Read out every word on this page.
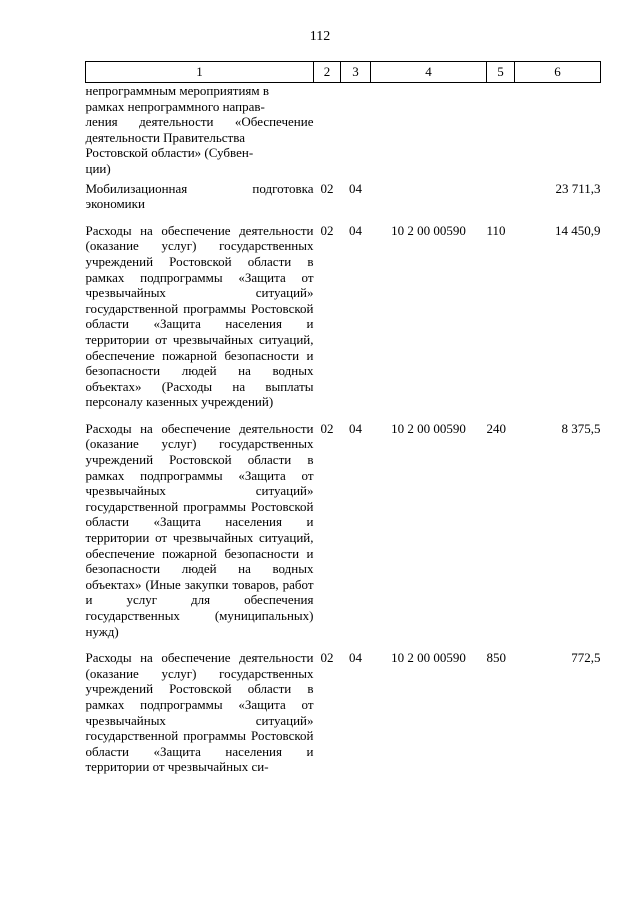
112
1	2	3	4	5	6

непрограммным мероприятиям в
рамках непрограммного направ-
ления деятельности «Обеспечение деятельности Правительства
Ростовской области» (Субвен-
ции)					

Мобилизационная подготовка экономики	02	04			23 711,3

Расходы на обеспечение деятельности (оказание услуг) государственных учреждений Ростовской области в рамках подпрограммы «Защита от чрезвычайных ситуаций» государственной программы Ростовской области «Защита населения и территории от чрезвычайных ситуаций, обеспечение пожарной безопасности и безопасности людей на водных объектах» (Расходы на выплаты персоналу казенных учреждений)	02	04	10 2 00 00590	110	14 450,9

Расходы на обеспечение деятельности (оказание услуг) государственных учреждений Ростовской области в рамках подпрограммы «Защита от чрезвычайных ситуаций» государственной программы Ростовской области «Защита населения и территории от чрезвычайных ситуаций, обеспечение пожарной безопасности и безопасности людей на водных объектах» (Иные закупки товаров, работ и услуг для обеспечения государственных (муниципальных) нужд)	02	04	10 2 00 00590	240	8 375,5

Расходы на обеспечение деятельности (оказание услуг) государственных учреждений Ростовской области в рамках подпрограммы «Защита от чрезвычайных ситуаций» государственной программы Ростовской области «Защита населения и территории от чрезвычайных си-	02	04	10 2 00 00590	850	772,5
